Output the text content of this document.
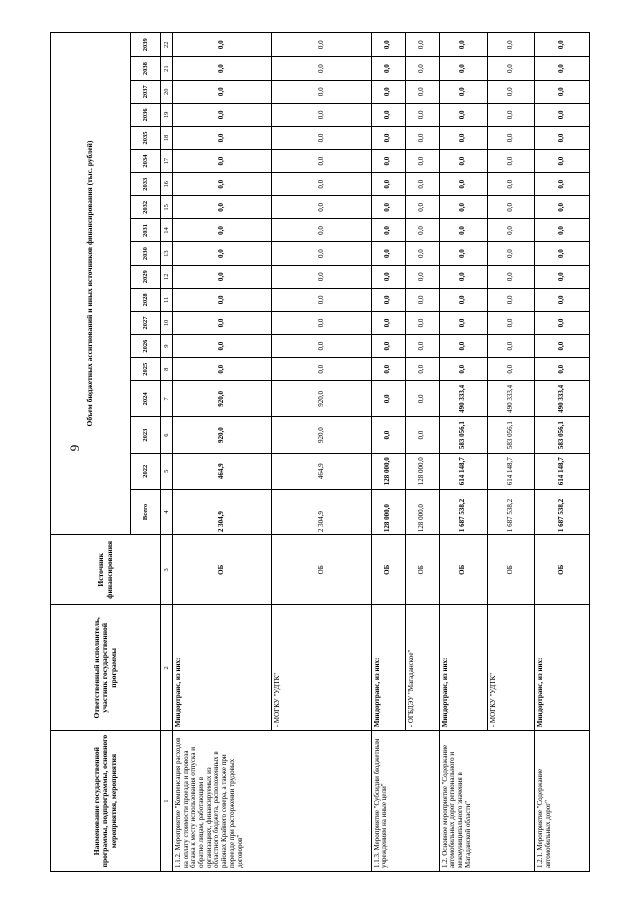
9
Наименование государственной программы, подпрограммы, основного мероприятия, мероприятия	Ответственный исполнитель, участник государственной программы	Источник финансирования	Объем бюджетных ассигнований и иных источников финансирования (тыс. рублей)																		
			Всего	2022	2023	2024	2025	2026	2027	2028	2029	2030	2031	2032	2033	2034	2035	2036	2037	2038	2039
1	2	3	4	5	6	7	8	9	10	11	12	13	14	15	16	17	18	19	20	21	22
1.1.2. Мероприятие "Компенсация расходов на оплату стоимости проезда и провоза багажа к месту использования отпуска и обратно лицам, работающим в организациях, финансируемых из областного бюджета, расположенных в районах Крайнего севера, а также при переезде при расторжении трудовых договоров"	Миндортранс, из них:	ОБ	2 304,9	464,9	920,0	920,0	0,0	0,0	0,0	0,0	0,0	0,0	0,0	0,0	0,0	0,0	0,0	0,0	0,0	0,0	0,0
	- МОГКУ "УДТК"	ОБ	2 304,9	464,9	920,0	920,0	0,0	0,0	0,0	0,0	0,0	0,0	0,0	0,0	0,0	0,0	0,0	0,0	0,0	0,0	0,0
1.1.3. Мероприятие "Субсидии бюджетным учреждениям на иные цели"	Миндортранс, из них:	ОБ	128 000,0	128 000,0	0,0	0,0	0,0	0,0	0,0	0,0	0,0	0,0	0,0	0,0	0,0	0,0	0,0	0,0	0,0	0,0	0,0
	- ОГБДЭУ "Магаданское"	ОБ	128 000,0	128 000,0	0,0	0,0	0,0	0,0	0,0	0,0	0,0	0,0	0,0	0,0	0,0	0,0	0,0	0,0	0,0	0,0	0,0
1.2. Основное мероприятие "Содержание автомобильных дорог регионального и межмуниципального значения в Магаданской области"	Миндортранс, из них:	ОБ	1 687 538,2	614 148,7	583 056,1	490 333,4	0,0	0,0	0,0	0,0	0,0	0,0	0,0	0,0	0,0	0,0	0,0	0,0	0,0	0,0	0,0
	- МОГКУ "УДТК"	ОБ	1 687 538,2	614 148,7	583 056,1	490 333,4	0,0	0,0	0,0	0,0	0,0	0,0	0,0	0,0	0,0	0,0	0,0	0,0	0,0	0,0	0,0
1.2.1. Мероприятие "Содержание автомобильных дорог"	Миндортранс, из них:	ОБ	1 687 538,2	614 148,7	583 056,1	490 333,4	0,0	0,0	0,0	0,0	0,0	0,0	0,0	0,0	0,0	0,0	0,0	0,0	0,0	0,0	0,0
